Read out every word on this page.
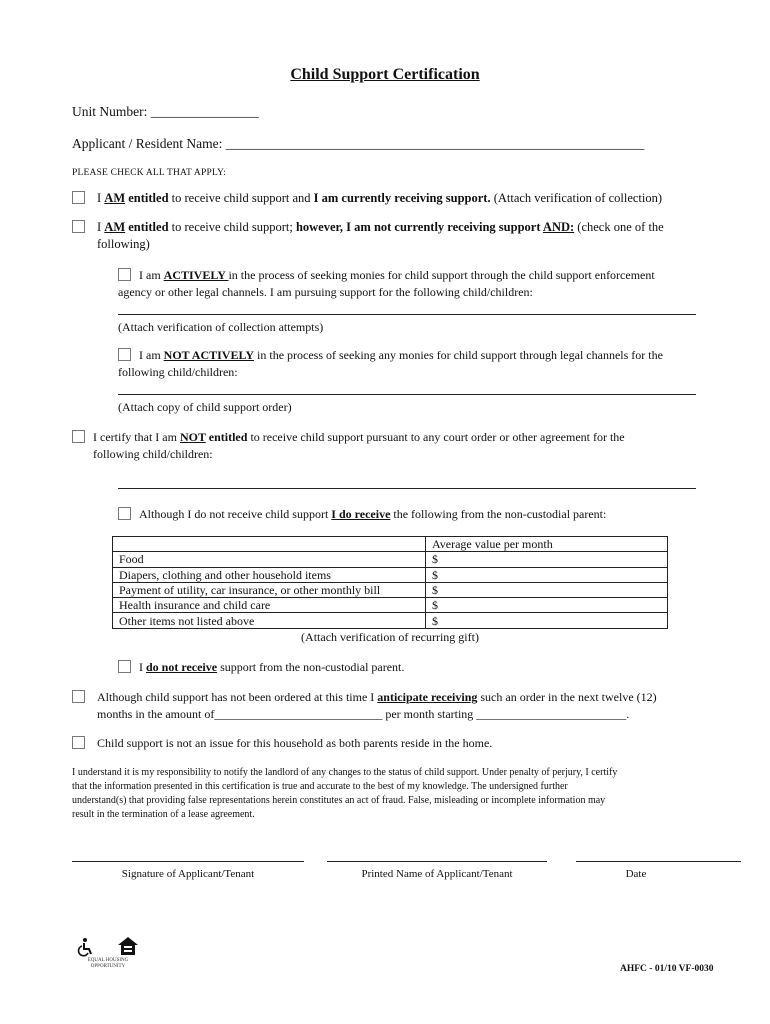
Child Support Certification
Unit Number: ________________
Applicant / Resident Name: ______________________________________________________________
PLEASE CHECK ALL THAT APPLY:
I AM entitled to receive child support and I am currently receiving support. (Attach verification of collection)
I AM entitled to receive child support; however, I am not currently receiving support AND: (check one of the
following)
I am ACTIVELY in the process of seeking monies for child support through the child support enforcement
agency or other legal channels. I am pursuing support for the following child/children:
(Attach verification of collection attempts)
I am NOT ACTIVELY in the process of seeking any monies for child support through legal channels for the
following child/children:
(Attach copy of child support order)
I certify that I am NOT entitled to receive child support pursuant to any court order or other agreement for the
following child/children:
Although I do not receive child support I do receive the following from the non-custodial parent:
	Average value per month
Food	$
Diapers, clothing and other household items	$
Payment of utility, car insurance, or other monthly bill	$
Health insurance and child care	$
Other items not listed above	$
(Attach verification of recurring gift)
I do not receive support from the non-custodial parent.
Although child support has not been ordered at this time I anticipate receiving such an order in the next twelve (12)
months in the amount of____________________________ per month starting _________________________.
Child support is not an issue for this household as both parents reside in the home.
I understand it is my responsibility to notify the landlord of any changes to the status of child support. Under penalty of perjury, I certify
that the information presented in this certification is true and accurate to the best of my knowledge. The undersigned further
understand(s) that providing false representations herein constitutes an act of fraud. False, misleading or incomplete information may
result in the termination of a lease agreement.
Signature of Applicant/Tenant	Printed Name of Applicant/Tenant	Date
EQUAL HOUSING OPPORTUNITY	AHFC - 01/10 VF-0030
